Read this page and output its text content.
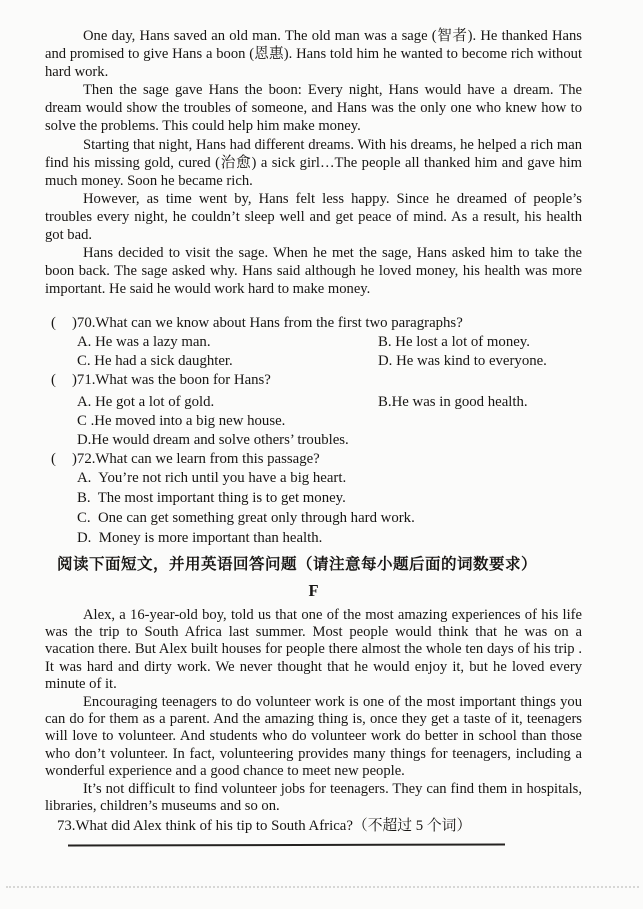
One day, Hans saved an old man. The old man was a sage (智者). He thanked Hans and promised to give Hans a boon (恩惠). Hans told him he wanted to become rich without hard work.

Then the sage gave Hans the boon: Every night, Hans would have a dream. The dream would show the troubles of someone, and Hans was the only one who knew how to solve the problems. This could help him make money.

Starting that night, Hans had different dreams. With his dreams, he helped a rich man find his missing gold, cured (治愈) a sick girl…The people all thanked him and gave him much money. Soon he became rich.

However, as time went by, Hans felt less happy. Since he dreamed of people’s troubles every night, he couldn’t sleep well and get peace of mind. As a result, his health got bad.

Hans decided to visit the sage. When he met the sage, Hans asked him to take the boon back. The sage asked why. Hans said although he loved money, his health was more important. He said he would work hard to make money.

(	)70.What can we know about Hans from the first two paragraphs?
A. He was a lazy man.	B. He lost a lot of money.
C. He had a sick daughter.	D. He was kind to everyone.
(	)71.What was the boon for Hans?
A. He got a lot of gold.	B.He was in good health.
C .He moved into a big new house.
D.He would dream and solve others’ troubles.
(	)72.What can we learn from this passage?
A.  You’re not rich until you have a big heart.
B.  The most important thing is to get money.
C.  One can get something great only through hard work.
D.  Money is more important than health.
阅读下面短文，并用英语回答问题（请注意每小题后面的词数要求）
F

Alex, a 16-year-old boy, told us that one of the most amazing experiences of his life was the trip to South Africa last summer. Most people would think that he was on a vacation there. But Alex built houses for people there almost the whole ten days of his trip . It was hard and dirty work. We never thought that he would enjoy it, but he loved every minute of it.

Encouraging teenagers to do volunteer work is one of the most important things you can do for them as a parent. And the amazing thing is, once they get a taste of it, teenagers will love to volunteer. And students who do volunteer work do better in school than those who don’t volunteer. In fact, volunteering provides many things for teenagers, including a wonderful experience and a good chance to meet new people.

It’s not difficult to find volunteer jobs for teenagers. They can find them in hospitals, libraries, children’s museums and so on.

73.What did Alex think of his tip to South Africa?（不超过 5 个词）
